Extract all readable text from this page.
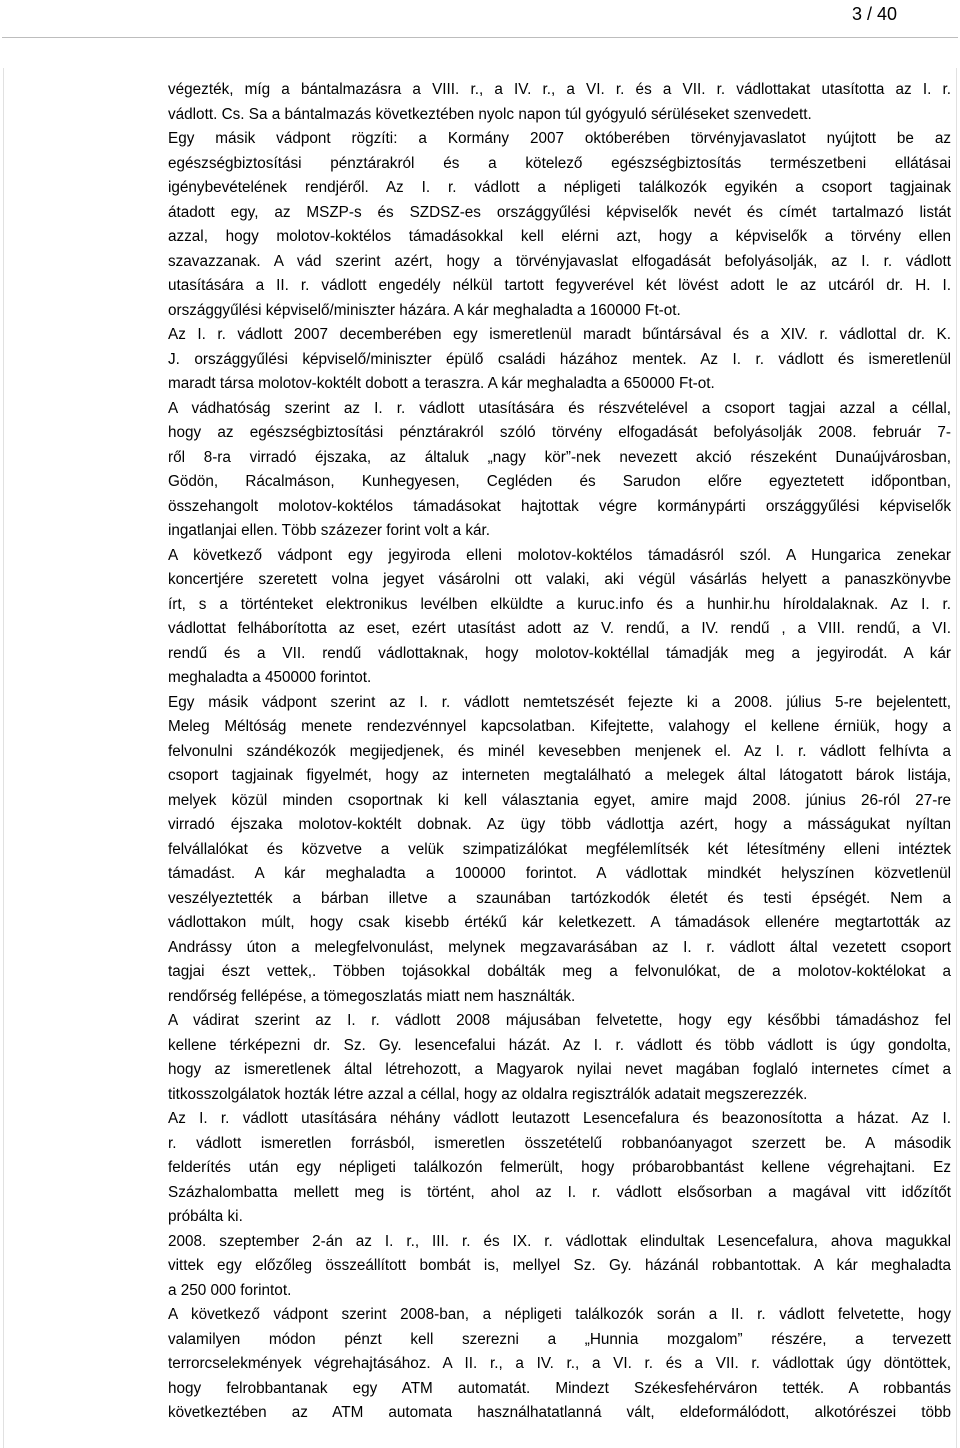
3 / 40
végezték, míg a bántalmazásra a VIII. r., a IV. r., a VI. r. és a VII. r. vádlottakat utasította az I. r.
vádlott. Cs. Sa a bántalmazás következtében nyolc napon túl gyógyuló sérüléseket szenvedett.
Egy másik vádpont rögzíti: a Kormány 2007 októberében törvényjavaslatot nyújtott be az
egészségbiztosítási pénztárakról és a kötelező egészségbiztosítás természetbeni ellátásai
igénybevételének rendjéről. Az I. r. vádlott a népligeti találkozók egyikén a csoport tagjainak
átadott egy, az MSZP-s és SZDSZ-es országgyűlési képviselők nevét és címét tartalmazó listát
azzal, hogy molotov-koktélos támadásokkal kell elérni azt, hogy a képviselők a törvény ellen
szavazzanak. A vád szerint azért, hogy a törvényjavaslat elfogadását befolyásolják, az I. r. vádlott
utasítására a II. r. vádlott engedély nélkül tartott fegyverével két lövést adott le az utcáról dr. H. I.
országgyűlési képviselő/miniszter házára. A kár meghaladta a 160000 Ft-ot.
Az I. r. vádlott 2007 decemberében egy ismeretlenül maradt bűntársával és a XIV. r. vádlottal dr. K.
J. országgyűlési képviselő/miniszter épülő családi házához mentek. Az I. r. vádlott és ismeretlenül
maradt társa molotov-koktélt dobott a teraszra. A kár meghaladta a 650000 Ft-ot.
A vádhatóság szerint az I. r. vádlott utasítására és részvételével a csoport tagjai azzal a céllal,
hogy az egészségbiztosítási pénztárakról szóló törvény elfogadását befolyásolják 2008. február 7-
ről 8-ra virradó éjszaka, az általuk „nagy kör”-nek nevezett akció részeként Dunaújvárosban,
Gödön, Rácalmáson, Kunhegyesen, Cegléden és Sarudon előre egyeztetett időpontban,
összehangolt molotov-koktélos támadásokat hajtottak végre kormánypárti országgyűlési képviselők
ingatlanjai ellen. Több százezer forint volt a kár.
A következő vádpont egy jegyiroda elleni molotov-koktélos támadásról szól. A Hungarica zenekar
koncertjére szeretett volna jegyet vásárolni ott valaki, aki végül vásárlás helyett a panaszkönyvbe
írt, s a történteket elektronikus levélben elküldte a kuruc.info és a hunhir.hu híroldalaknak. Az I. r.
vádlottat felháborította az eset, ezért utasítást adott az V. rendű, a IV. rendű , a VIII. rendű, a VI.
rendű és a VII. rendű vádlottaknak, hogy molotov-koktéllal támadják meg a jegyirodát. A kár
meghaladta a 450000 forintot.
Egy másik vádpont szerint az I. r. vádlott nemtetszését fejezte ki a 2008. július 5-re bejelentett,
Meleg Méltóság menete rendezvénnyel kapcsolatban. Kifejtette, valahogy el kellene érniük, hogy a
felvonulni szándékozók megijedjenek, és minél kevesebben menjenek el. Az I. r. vádlott felhívta a
csoport tagjainak figyelmét, hogy az interneten megtalálható a melegek által látogatott bárok listája,
melyek közül minden csoportnak ki kell választania egyet, amire majd 2008. június 26-ról 27-re
virradó éjszaka molotov-koktélt dobnak. Az ügy több vádlottja azért, hogy a másságukat nyíltan
felvállalókat és közvetve a velük szimpatizálókat megfélemlítsék két létesítmény elleni intéztek
támadást. A kár meghaladta a 100000 forintot. A vádlottak mindkét helyszínen közvetlenül
veszélyeztették a bárban illetve a szaunában tartózkodók életét és testi épségét. Nem a
vádlottakon múlt, hogy csak kisebb értékű kár keletkezett. A támadások ellenére megtartották az
Andrássy úton a melegfelvonulást, melynek megzavarásában az I. r. vádlott által vezetett csoport
tagjai észt vettek,. Többen tojásokkal dobálták meg a felvonulókat, de a molotov-koktélokat a
rendőrség fellépése, a tömegoszlatás miatt nem használták.
A vádirat szerint az I. r. vádlott 2008 májusában felvetette, hogy egy későbbi támadáshoz fel
kellene térképezni dr. Sz. Gy. lesencefalui házát. Az I. r. vádlott és több vádlott is úgy gondolta,
hogy az ismeretlenek által létrehozott, a Magyarok nyilai nevet magában foglaló internetes címet a
titkosszolgálatok hozták létre azzal a céllal, hogy az oldalra regisztrálók adatait megszerezzék.
Az I. r. vádlott utasítására néhány vádlott leutazott Lesencefalura és beazonosította a házat. Az I.
r. vádlott ismeretlen forrásból, ismeretlen összetételű robbanóanyagot szerzett be. A második
felderítés után egy népligeti találkozón felmerült, hogy próbarobbantást kellene végrehajtani. Ez
Százhalombatta mellett meg is történt, ahol az I. r. vádlott elsősorban a magával vitt időzítőt
próbálta ki.
2008. szeptember 2-án az I. r., III. r. és IX. r. vádlottak elindultak Lesencefalura, ahova magukkal
vittek egy előzőleg összeállított bombát is, mellyel Sz. Gy. házánál robbantottak. A kár meghaladta
a 250 000 forintot.
A következő vádpont szerint 2008-ban, a népligeti találkozók során a II. r. vádlott felvetette, hogy
valamilyen módon pénzt kell szerezni a „Hunnia mozgalom” részére, a tervezett
terrorcselekmények végrehajtásához. A II. r., a IV. r., a VI. r. és a VII. r. vádlottak úgy döntöttek,
hogy felrobbantanak egy ATM automatát. Mindezt Székesfehérváron tették. A robbantás
következtében az ATM automata használhatatlanná vált, eldeformálódott, alkotórészei több
